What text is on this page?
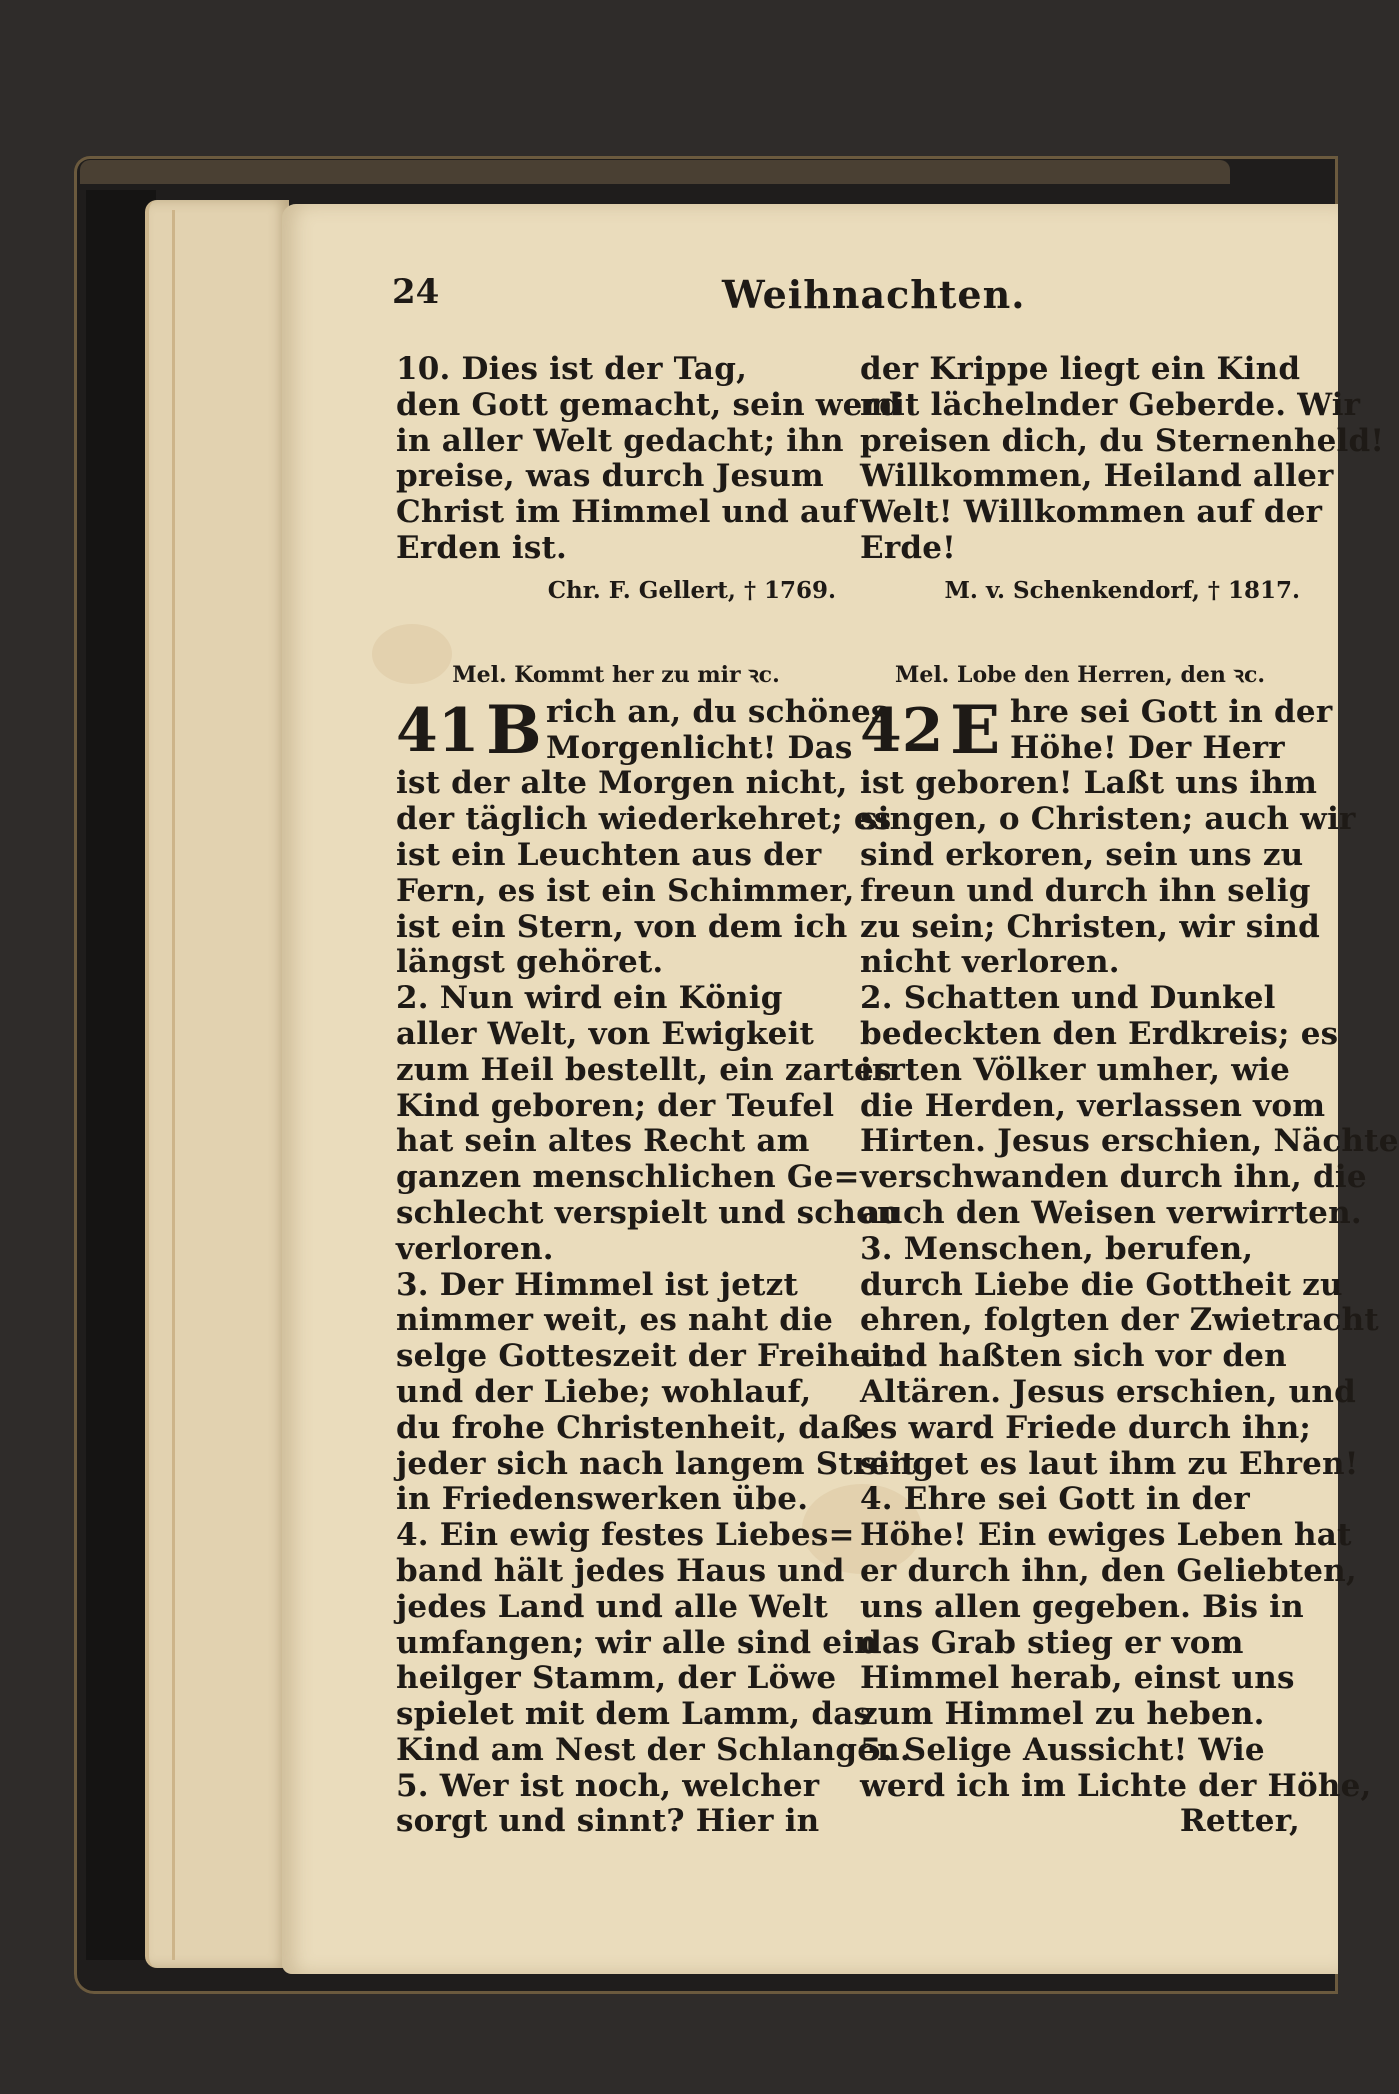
24	Weihnachten.
10. Dies ist der Tag,
den Gott gemacht, sein werd
in aller Welt gedacht; ihn
preise, was durch Jesum
Christ im Himmel und auf
Erden ist.
Chr. F. Gellert, † 1769.
Mel. Kommt her zu mir ꝛc.
41 B rich an, du schönes
Morgenlicht! Das
ist der alte Morgen nicht,
der täglich wiederkehret; es
ist ein Leuchten aus der
Fern, es ist ein Schimmer,
ist ein Stern, von dem ich
längst gehöret.
2. Nun wird ein König
aller Welt, von Ewigkeit
zum Heil bestellt, ein zartes
Kind geboren; der Teufel
hat sein altes Recht am
ganzen menschlichen Ge=
schlecht verspielt und schon
verloren.
3. Der Himmel ist jetzt
nimmer weit, es naht die
selge Gotteszeit der Freiheit
und der Liebe; wohlauf,
du frohe Christenheit, daß
jeder sich nach langem Streit
in Friedenswerken übe.
4. Ein ewig festes Liebes=
band hält jedes Haus und
jedes Land und alle Welt
umfangen; wir alle sind ein
heilger Stamm, der Löwe
spielet mit dem Lamm, das
Kind am Nest der Schlangen.
5. Wer ist noch, welcher
sorgt und sinnt? Hier in
der Krippe liegt ein Kind
mit lächelnder Geberde. Wir
preisen dich, du Sternenheld!
Willkommen, Heiland aller
Welt! Willkommen auf der
Erde!
M. v. Schenkendorf, † 1817.
Mel. Lobe den Herren, den ꝛc.
42 E hre sei Gott in der
Höhe! Der Herr
ist geboren! Laßt uns ihm
singen, o Christen; auch wir
sind erkoren, sein uns zu
freun und durch ihn selig
zu sein; Christen, wir sind
nicht verloren.
2. Schatten und Dunkel
bedeckten den Erdkreis; es
irrten Völker umher, wie
die Herden, verlassen vom
Hirten. Jesus erschien, Nächte
verschwanden durch ihn, die
auch den Weisen verwirrten.
3. Menschen, berufen,
durch Liebe die Gottheit zu
ehren, folgten der Zwietracht
und haßten sich vor den
Altären. Jesus erschien, und
es ward Friede durch ihn;
singet es laut ihm zu Ehren!
4. Ehre sei Gott in der
Höhe! Ein ewiges Leben hat
er durch ihn, den Geliebten,
uns allen gegeben. Bis in
das Grab stieg er vom
Himmel herab, einst uns
zum Himmel zu heben.
5. Selige Aussicht! Wie
werd ich im Lichte der Höhe,
Retter,
